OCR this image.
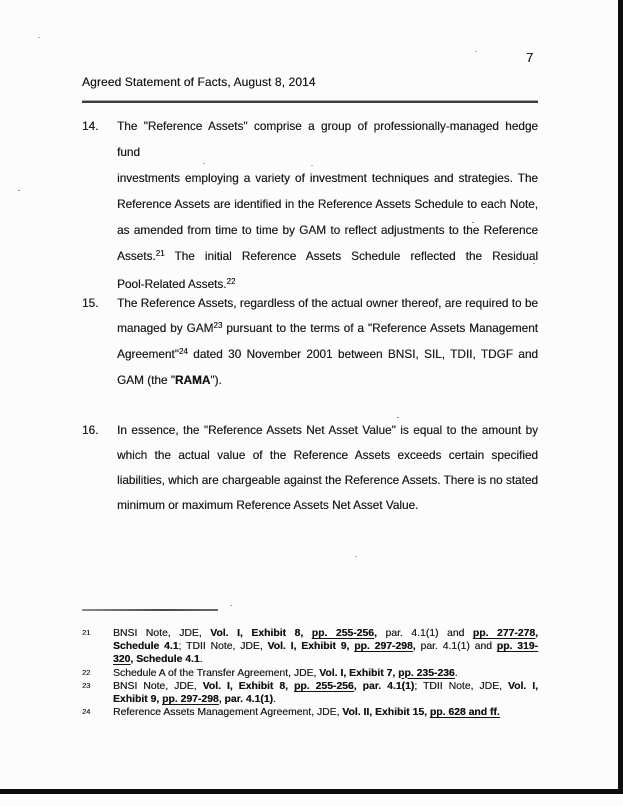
7
Agreed Statement of Facts, August 8, 2014
14. The "Reference Assets" comprise a group of professionally-managed hedge fund
investments employing a variety of investment techniques and strategies. The
Reference Assets are identified in the Reference Assets Schedule to each Note,
as amended from time to time by GAM to reflect adjustments to the Reference
Assets.$^{21}$ The initial Reference Assets Schedule reflected the Residual
Pool-Related Assets.$^{22}$
15. The Reference Assets, regardless of the actual owner thereof, are required to be
managed by GAM$^{23}$ pursuant to the terms of a "Reference Assets Management
Agreement"$^{24}$ dated 30 November 2001 between BNSI, SIL, TDII, TDGF and
GAM (the "RAMA").
16. In essence, the "Reference Assets Net Asset Value" is equal to the amount by
which the actual value of the Reference Assets exceeds certain specified
liabilities, which are chargeable against the Reference Assets. There is no stated
minimum or maximum Reference Assets Net Asset Value.
21	BNSI Note, JDE, Vol. I, Exhibit 8, pp. 255-256, par. 4.1(1) and pp. 277-278,
Schedule 4.1; TDII Note, JDE, Vol. I, Exhibit 9, pp. 297-298, par. 4.1(1) and pp. 319-
320, Schedule 4.1.
22	Schedule A of the Transfer Agreement, JDE, Vol. I, Exhibit 7, pp. 235-236.
23	BNSI Note, JDE, Vol. I, Exhibit 8, pp. 255-256, par. 4.1(1); TDII Note, JDE, Vol. I,
Exhibit 9, pp. 297-298, par. 4.1(1).
24	Reference Assets Management Agreement, JDE, Vol. II, Exhibit 15, pp. 628 and ff.
